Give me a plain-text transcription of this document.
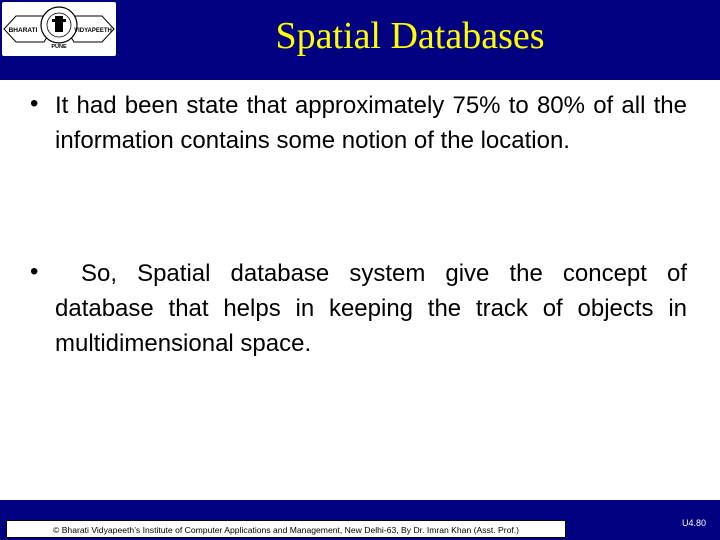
BHARATI	VIDYAPEETH
PUNE	Spatial Databases
• It had been state that approximately 75% to 80% of all the information contains some notion of the location.
•	So, Spatial database system give the concept of database that helps in keeping the track of objects in multidimensional space.
© Bharati Vidyapeeth’s Institute of Computer Applications and Management, New Delhi-63, By Dr. Imran Khan (Asst. Prof.)
U4.80
